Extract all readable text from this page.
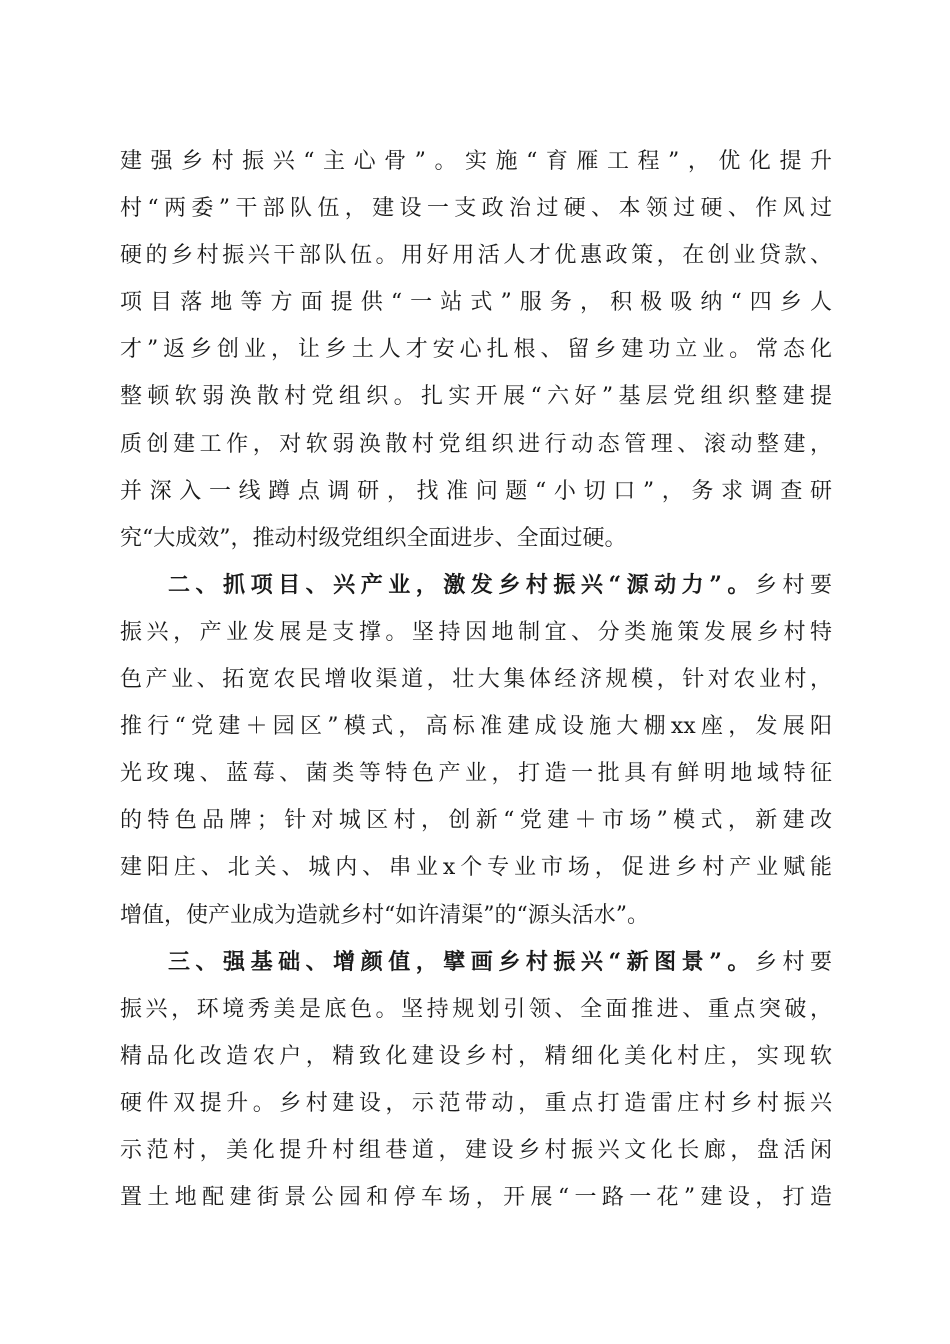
建强乡村振兴“主心骨”。实施“育雁工程”，优化提升
村“两委”干部队伍，建设一支政治过硬、本领过硬、作风过
硬的乡村振兴干部队伍。用好用活人才优惠政策，在创业贷款、
项目落地等方面提供“一站式”服务，积极吸纳“四乡人
才”返乡创业，让乡土人才安心扎根、留乡建功立业。常态化
整顿软弱涣散村党组织。扎实开展“六好”基层党组织整建提
质创建工作，对软弱涣散村党组织进行动态管理、滚动整建，
并深入一线蹲点调研，找准问题“小切口”，务求调查研
究“大成效”，推动村级党组织全面进步、全面过硬。
二、抓项目、兴产业，激发乡村振兴“源动力”。乡村要
振兴，产业发展是支撑。坚持因地制宜、分类施策发展乡村特
色产业、拓宽农民增收渠道，壮大集体经济规模，针对农业村，
推行“党建＋园区”模式，高标准建成设施大棚xx座，发展阳
光玫瑰、蓝莓、菌类等特色产业，打造一批具有鲜明地域特征
的特色品牌；针对城区村，创新“党建＋市场”模式，新建改
建阳庄、北关、城内、串业x个专业市场，促进乡村产业赋能
增值，使产业成为造就乡村“如许清渠”的“源头活水”。
三、强基础、增颜值，擘画乡村振兴“新图景”。乡村要
振兴，环境秀美是底色。坚持规划引领、全面推进、重点突破，
精品化改造农户，精致化建设乡村，精细化美化村庄，实现软
硬件双提升。乡村建设，示范带动，重点打造雷庄村乡村振兴
示范村，美化提升村组巷道，建设乡村振兴文化长廊，盘活闲
置土地配建街景公园和停车场，开展“一路一花”建设，打造
